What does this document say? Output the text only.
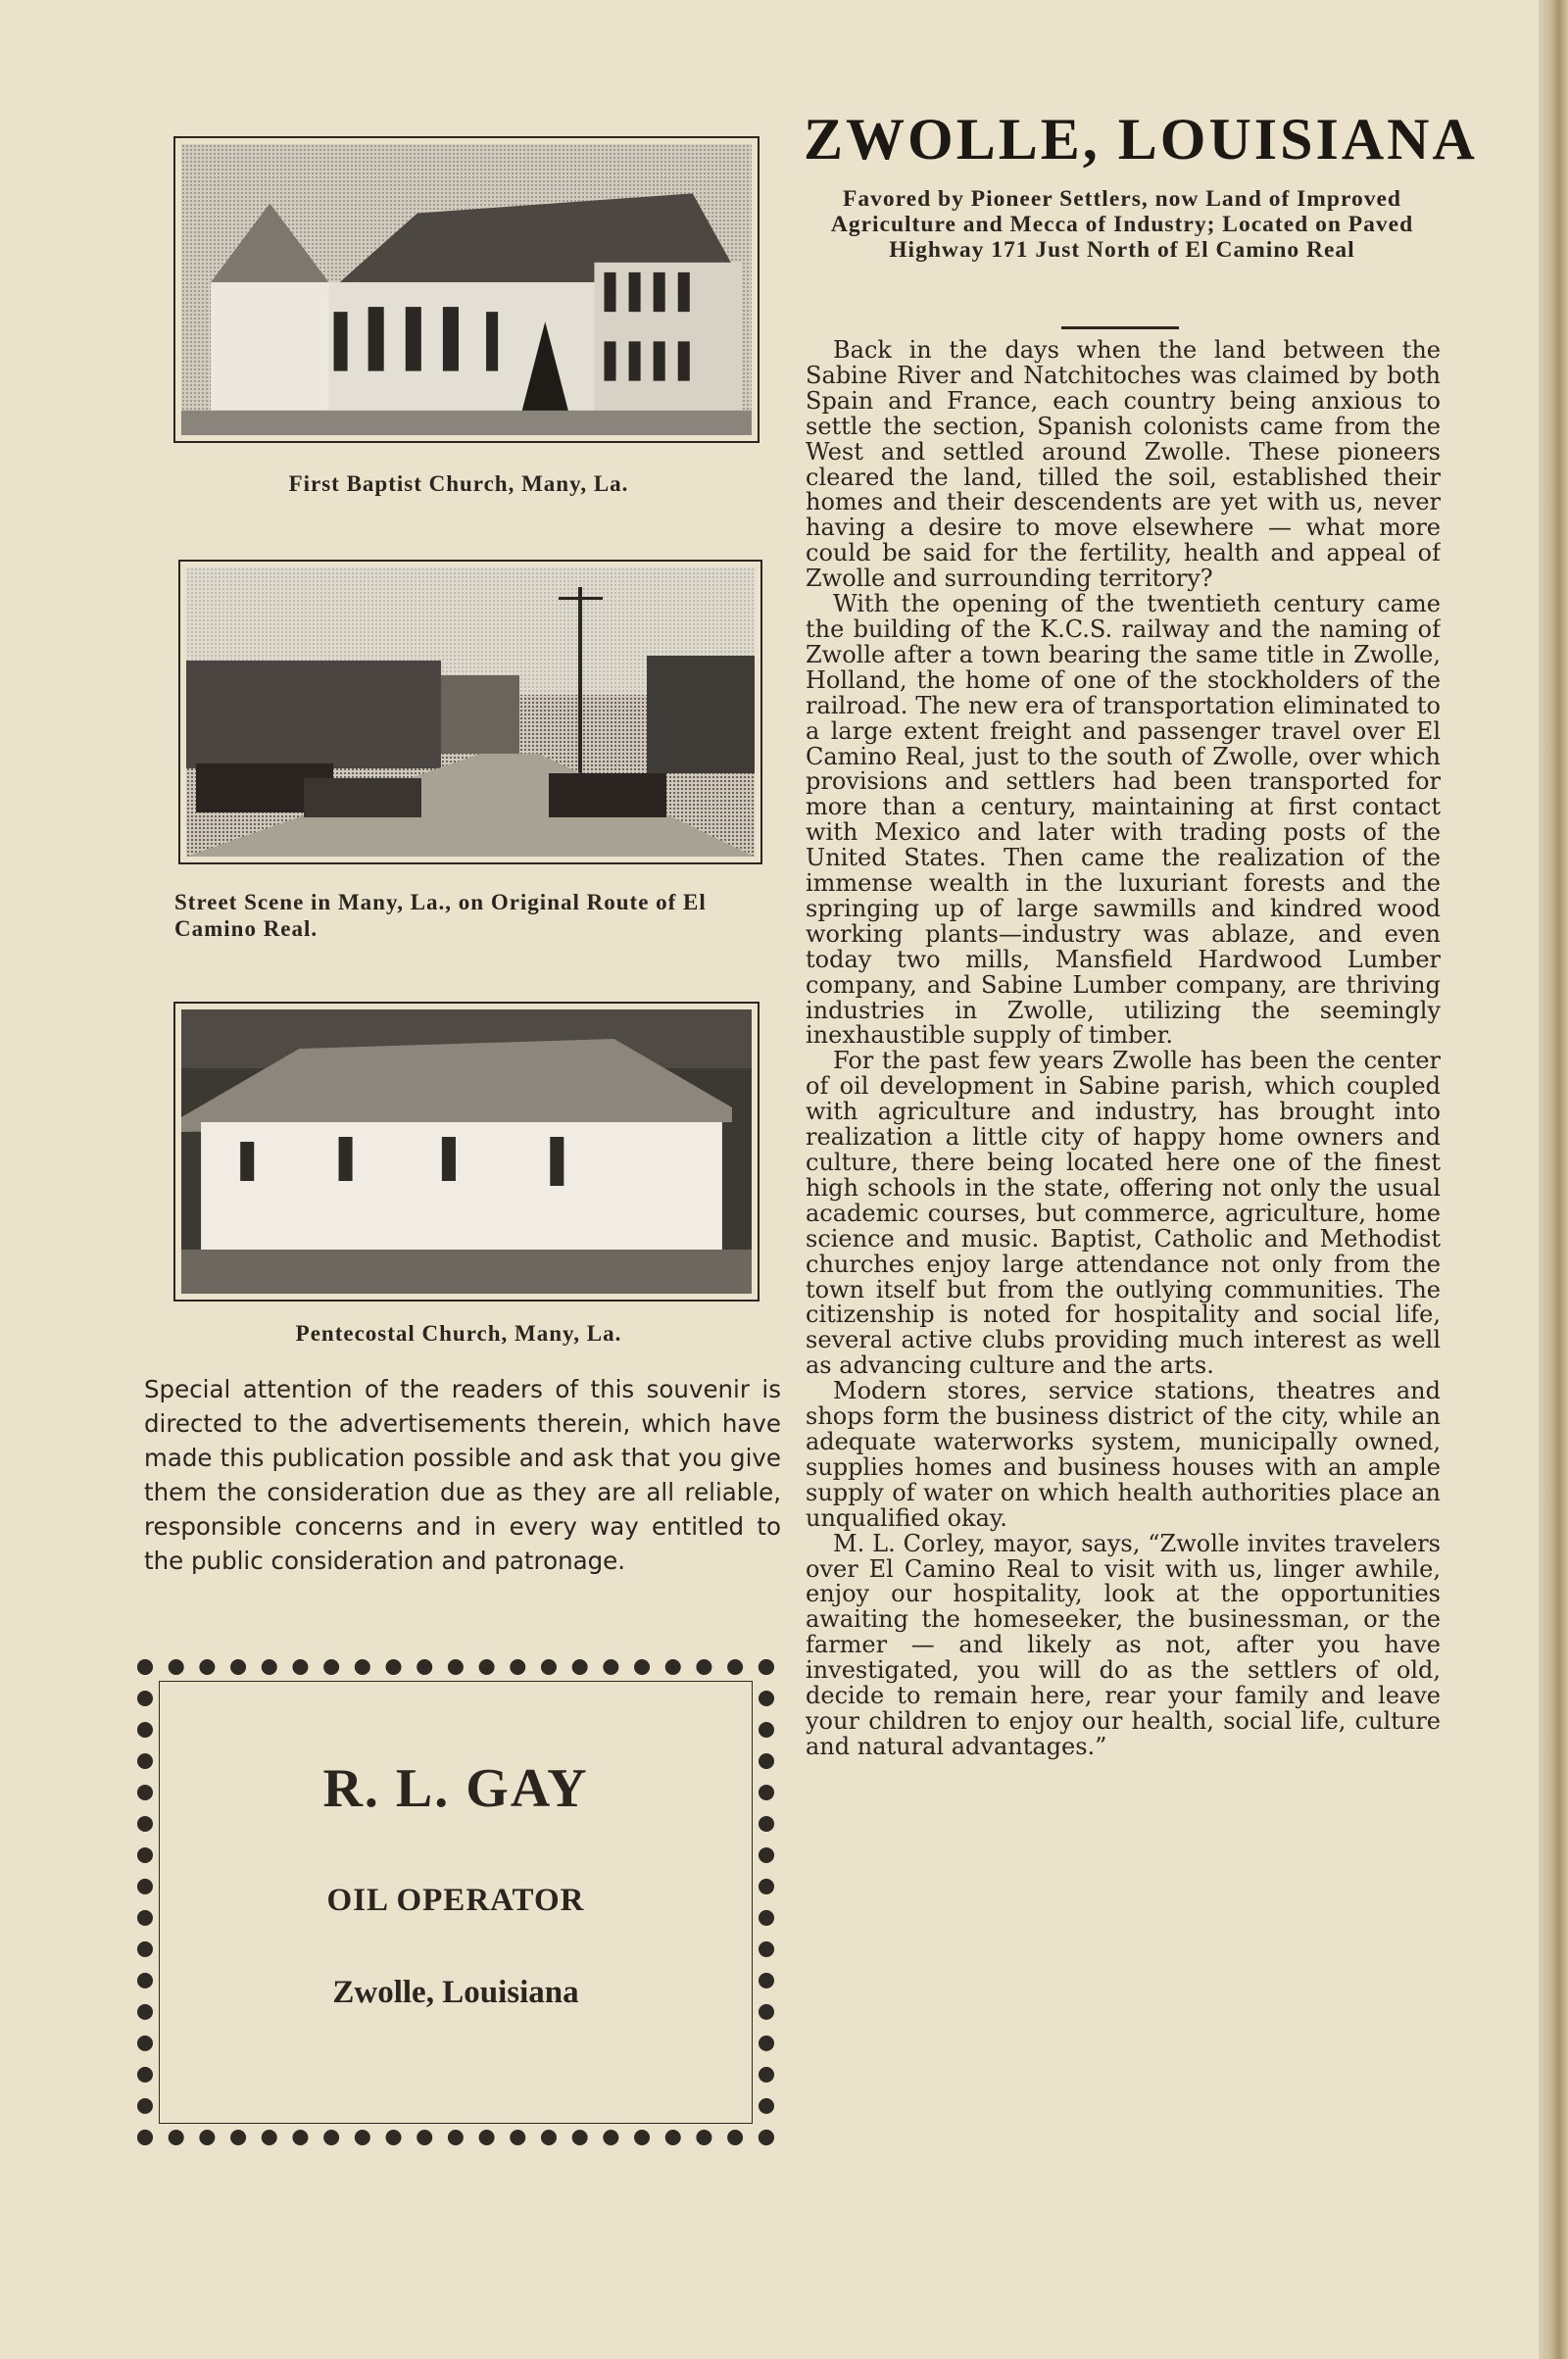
First Baptist Church, Many, La.
Street Scene in Many, La., on Original Route of El Camino Real.
Pentecostal Church, Many, La.

Special attention of the readers of this souvenir is directed to the advertisements therein, which have made this publication possible and ask that you give them the consideration due as they are all reliable, responsible concerns and in every way entitled to the public consideration and patronage.

R. L. GAY
OIL OPERATOR
Zwolle, Louisiana
ZWOLLE, LOUISIANA

Favored by Pioneer Settlers, now Land of Improved Agriculture and Mecca of Industry; Located on Paved Highway 171 Just North of El Camino Real

Back in the days when the land between the Sabine River and Natchitoches was claimed by both Spain and France, each country being anxious to settle the section, Spanish colonists came from the West and settled around Zwolle. These pioneers cleared the land, tilled the soil, established their homes and their descendents are yet with us, never having a desire to move elsewhere — what more could be said for the fertility, health and appeal of Zwolle and surrounding territory?

With the opening of the twentieth century came the building of the K.C.S. railway and the naming of Zwolle after a town bearing the same title in Zwolle, Holland, the home of one of the stockholders of the railroad. The new era of transportation eliminated to a large extent freight and passenger travel over El Camino Real, just to the south of Zwolle, over which provisions and settlers had been transported for more than a century, maintaining at first contact with Mexico and later with trading posts of the United States. Then came the realization of the immense wealth in the luxuriant forests and the springing up of large sawmills and kindred wood working plants—industry was ablaze, and even today two mills, Mansfield Hardwood Lumber company, and Sabine Lumber company, are thriving industries in Zwolle, utilizing the seemingly inexhaustible supply of timber.

For the past few years Zwolle has been the center of oil development in Sabine parish, which coupled with agriculture and industry, has brought into realization a little city of happy home owners and culture, there being located here one of the finest high schools in the state, offering not only the usual academic courses, but commerce, agriculture, home science and music. Baptist, Catholic and Methodist churches enjoy large attendance not only from the town itself but from the outlying communities. The citizenship is noted for hospitality and social life, several active clubs providing much interest as well as advancing culture and the arts.

Modern stores, service stations, theatres and shops form the business district of the city, while an adequate waterworks system, municipally owned, supplies homes and business houses with an ample supply of water on which health authorities place an unqualified okay.

M. L. Corley, mayor, says, “Zwolle invites travelers over El Camino Real to visit with us, linger awhile, enjoy our hospitality, look at the opportunities awaiting the homeseeker, the businessman, or the farmer — and likely as not, after you have investigated, you will do as the settlers of old, decide to remain here, rear your family and leave your children to enjoy our health, social life, culture and natural advantages.”
